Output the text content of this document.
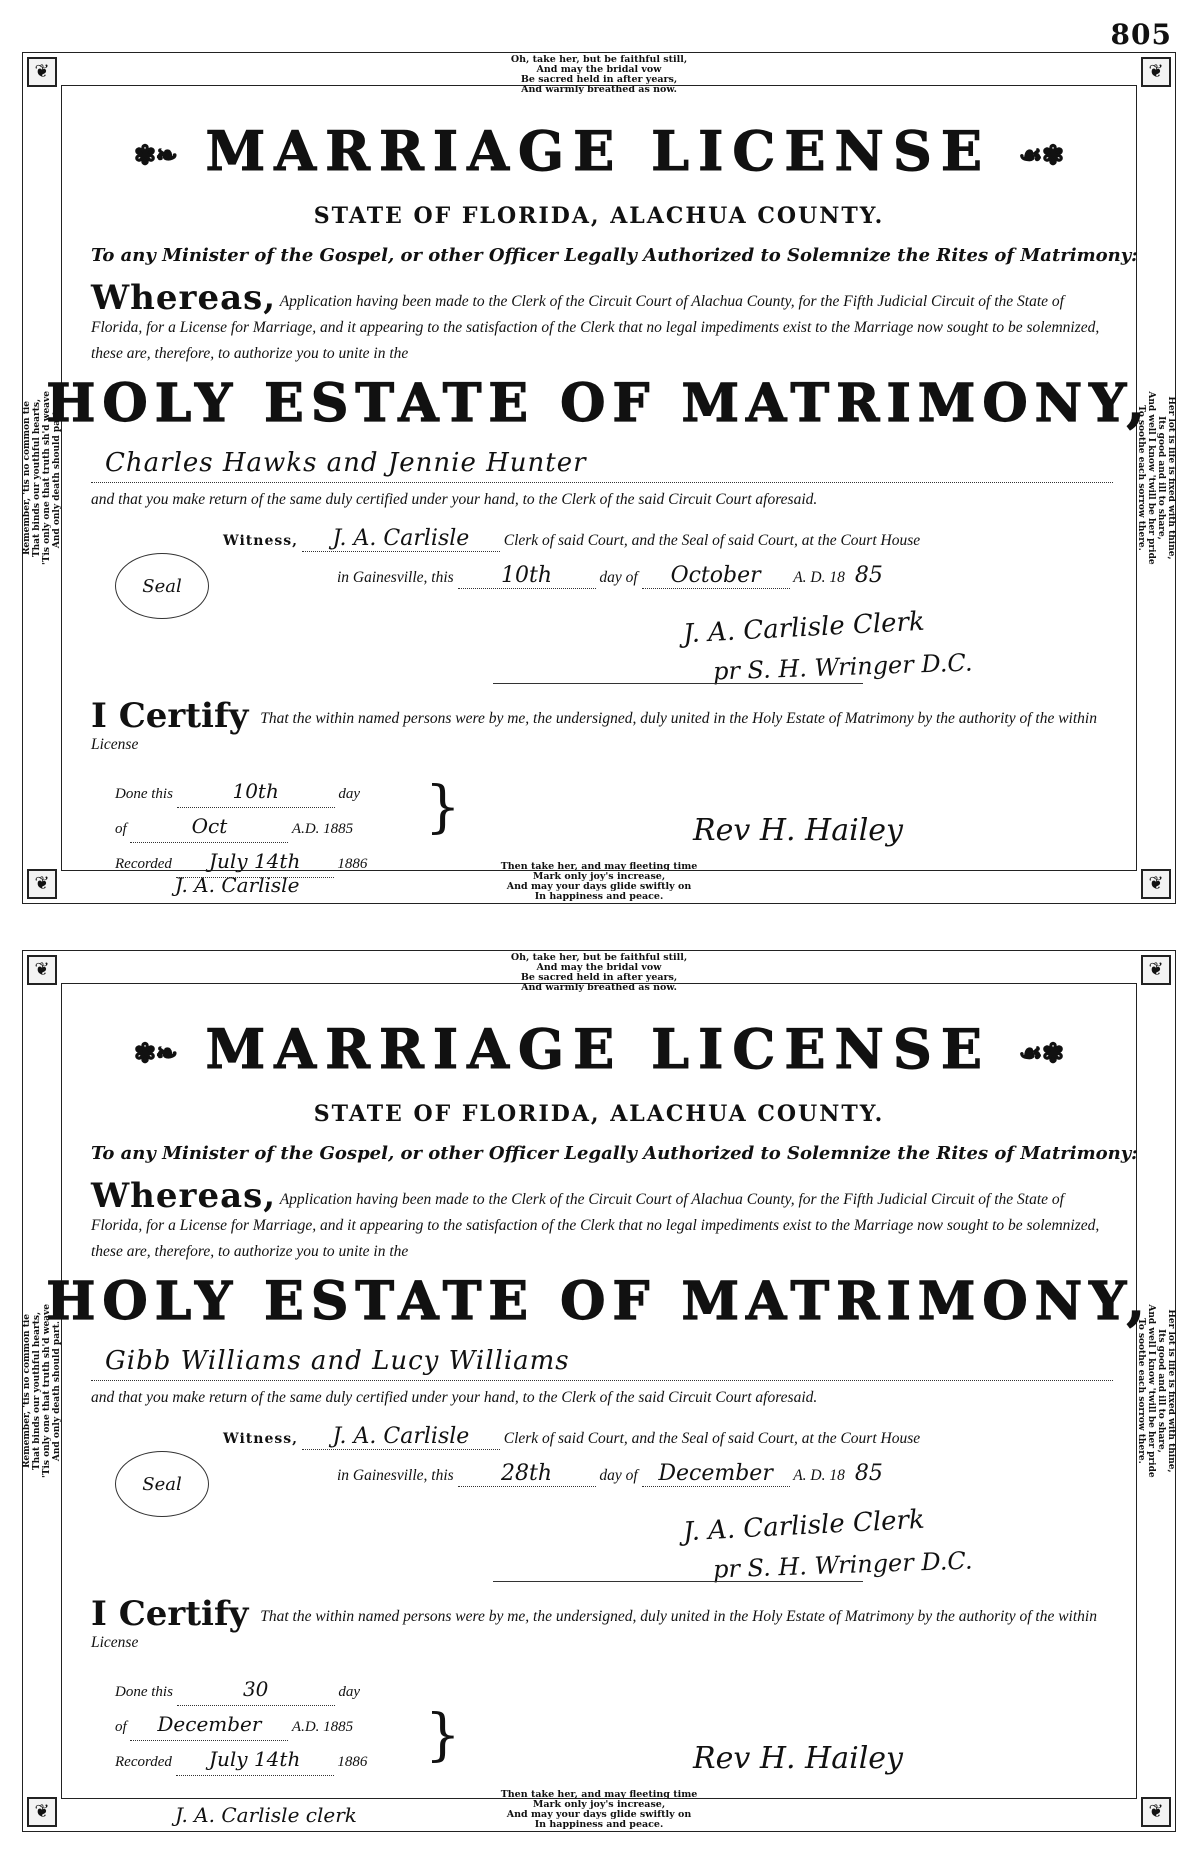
805
❦	❦
❦	❦
Oh, take her, but be faithful still,
And may the bridal vow
Be sacred held in after years,
And warmly breathed as now.
Then take her, and may fleeting time
Mark only joy's increase,
And may your days glide swiftly on
In happiness and peace.
Remember, 'tis no common tie That binds our youthful hearts, 'Tis only one that truth sh'd weave And only death should part.	Her lot is life is fixed with thine,
Its good and ill to share,
And well I know 'twill be her pride
To soothe each sorrow there.
✾❧ MARRIAGE LICENSE ☙✾
STATE OF FLORIDA, ALACHUA COUNTY.
To any Minister of the Gospel, or other Officer Legally Authorized to Solemnize the Rites of Matrimony:
Whereas, Application having been made to the Clerk of the Circuit Court of Alachua County, for the Fifth Judicial Circuit of the State of Florida, for a License for Marriage, and it appearing to the satisfaction of the Clerk that no legal impediments exist to the Marriage now sought to be solemnized, these are, therefore, to authorize you to unite in the
HOLY ESTATE OF MATRIMONY,
Charles Hawks and Jennie Hunter
and that you make return of the same duly certified under your hand, to the Clerk of the said Circuit Court aforesaid.
Witness, J. A. Carlisle Clerk of said Court, and the Seal of said Court, at the Court House
in Gainesville, this 10th	day of October A. D. 18 85
Seal
J. A. Carlisle Clerk
pr S. H. Wringer D.C.
I Certify That the within named persons were by me, the undersigned, duly united in the Holy Estate of Matrimony by the authority of the within License
Done this	10th	day
of	Oct	A.D. 1885
Recorded July 14th 1886
}	Rev H. Hailey
J. A. Carlisle
❦	❦
❦	❦
Oh, take her, but be faithful still,
And may the bridal vow
Be sacred held in after years,
And warmly breathed as now.
Then take her, and may fleeting time
Mark only joy's increase,
And may your days glide swiftly on
In happiness and peace.
Remember, 'tis no common tie That binds our youthful hearts, 'Tis only one that truth sh'd weave And only death should part.	Her lot is life is fixed with thine,
Its good and ill to share,
And well I know 'twill be her pride
To soothe each sorrow there.
✾❧ MARRIAGE LICENSE ☙✾
STATE OF FLORIDA, ALACHUA COUNTY.
To any Minister of the Gospel, or other Officer Legally Authorized to Solemnize the Rites of Matrimony:
Whereas, Application having been made to the Clerk of the Circuit Court of Alachua County, for the Fifth Judicial Circuit of the State of Florida, for a License for Marriage, and it appearing to the satisfaction of the Clerk that no legal impediments exist to the Marriage now sought to be solemnized, these are, therefore, to authorize you to unite in the
HOLY ESTATE OF MATRIMONY,
Gibb Williams and Lucy Williams
and that you make return of the same duly certified under your hand, to the Clerk of the said Circuit Court aforesaid.
Witness, J. A. Carlisle Clerk of said Court, and the Seal of said Court, at the Court House
in Gainesville, this 28th	day of December A. D. 18 85
Seal
J. A. Carlisle Clerk
pr S. H. Wringer D.C.
I Certify That the within named persons were by me, the undersigned, duly united in the Holy Estate of Matrimony by the authority of the within License
Done this	30	day
of December A.D. 1885
Recorded July 14th 1886 }	Rev H. Hailey
J. A. Carlisle clerk
